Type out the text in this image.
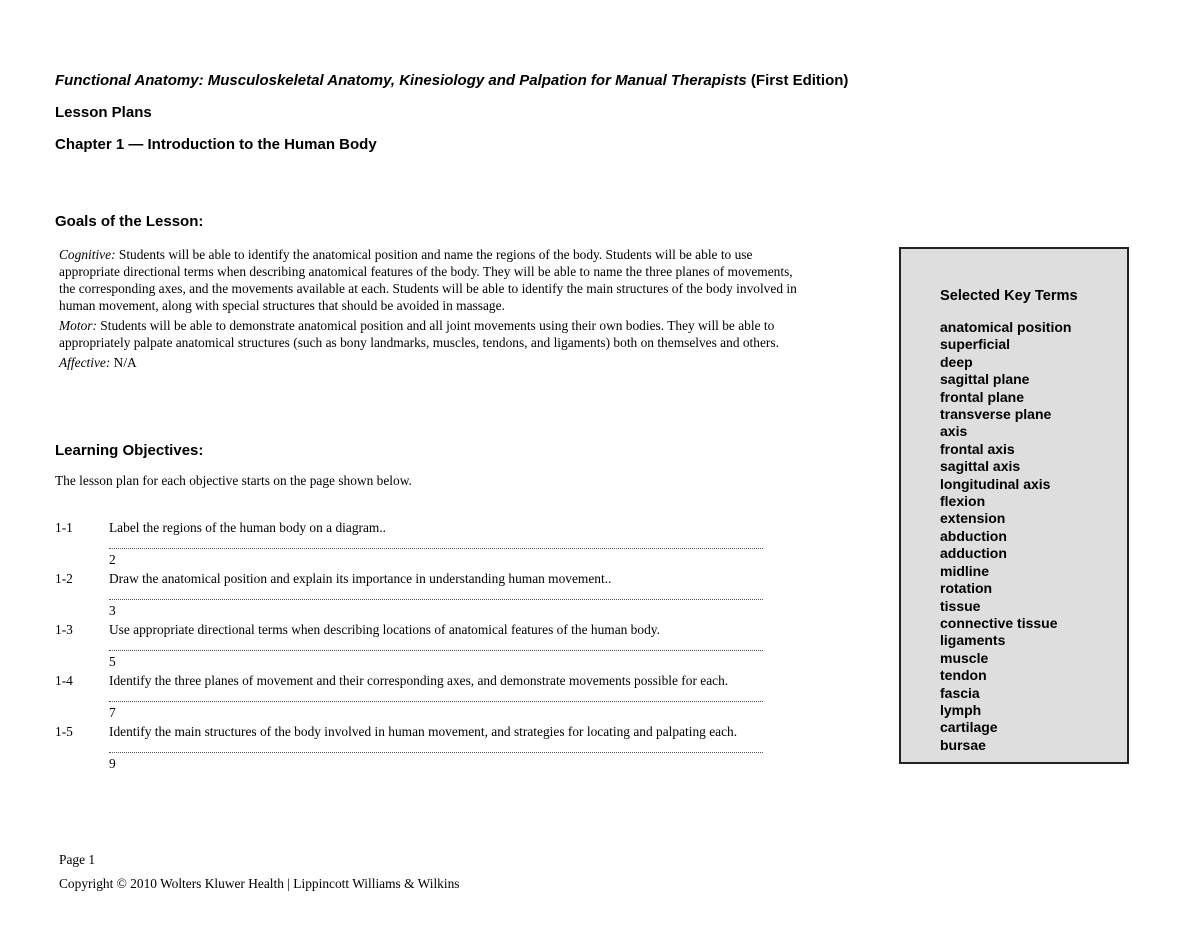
Functional Anatomy: Musculoskeletal Anatomy, Kinesiology and Palpation for Manual Therapists (First Edition)
Lesson Plans
Chapter 1 — Introduction to the Human Body
Goals of the Lesson:

Cognitive: Students will be able to identify the anatomical position and name the regions of the body. Students will be able to use appropriate directional terms when describing anatomical features of the body. They will be able to name the three planes of movements, the corresponding axes, and the movements available at each. Students will be able to identify the main structures of the body involved in human movement, along with special structures that should be avoided in massage.

Motor: Students will be able to demonstrate anatomical position and all joint movements using their own bodies. They will be able to appropriately palpate anatomical structures (such as bony landmarks, muscles, tendons, and ligaments) both on themselves and others.

Affective: N/A

Learning Objectives:
The lesson plan for each objective starts on the page shown below.
1-1	Label the regions of the human body on a diagram..
2
1-2	Draw the anatomical position and explain its importance in understanding human movement..
3
1-3	Use appropriate directional terms when describing locations of anatomical features of the human body.
5
1-4	Identify the three planes of movement and their corresponding axes, and demonstrate movements possible for each.
7
1-5	Identify the main structures of the body involved in human movement, and strategies for locating and palpating each.
9
Selected Key Terms
anatomical position
superficial
deep
sagittal plane
frontal plane
transverse plane
axis
frontal axis
sagittal axis
longitudinal axis
flexion
extension
abduction
adduction
midline
rotation
tissue
connective tissue
ligaments
muscle
tendon
fascia
lymph
cartilage
bursae
Page 1
Copyright © 2010 Wolters Kluwer Health | Lippincott Williams & Wilkins
